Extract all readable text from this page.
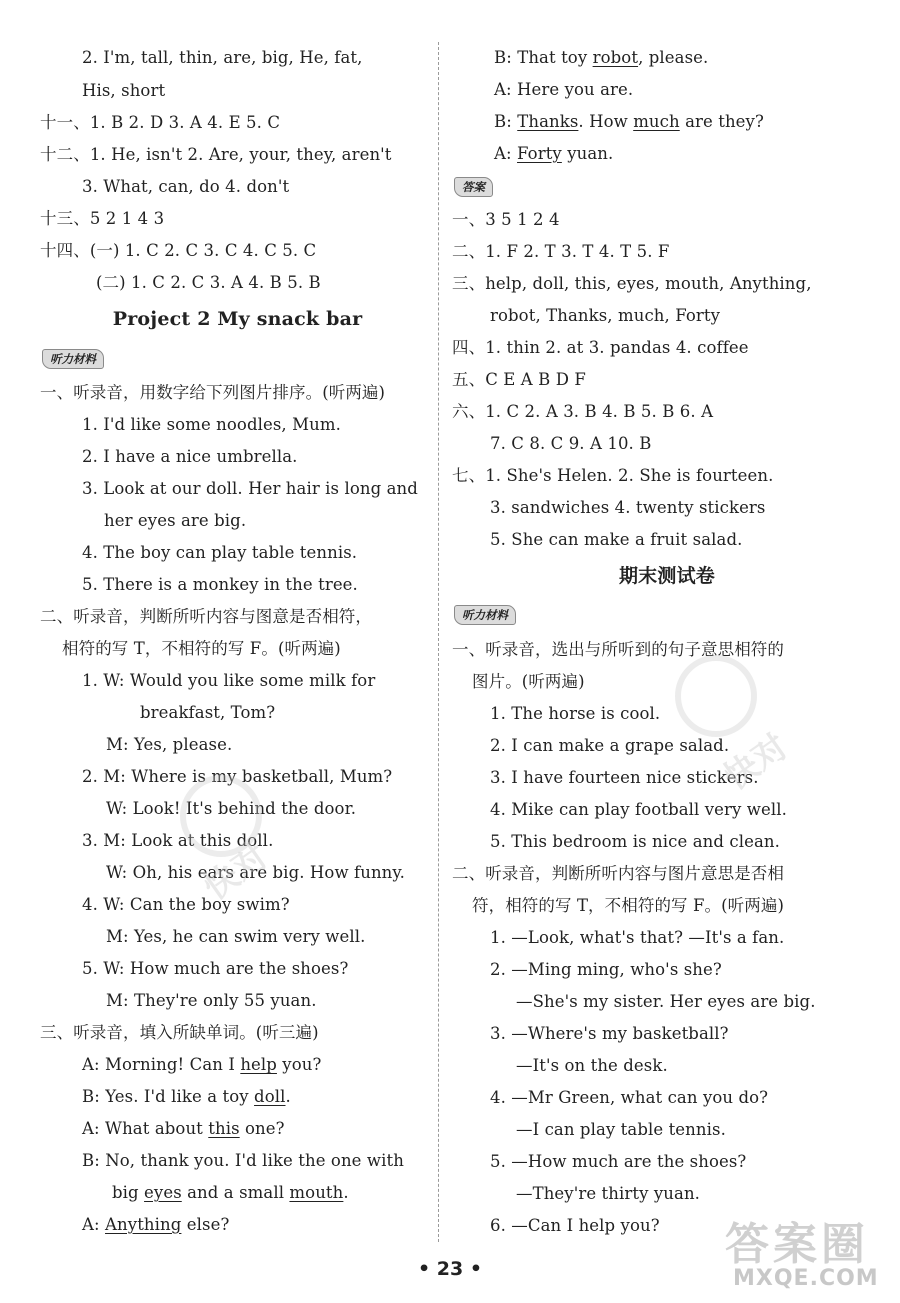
2. I'm, tall, thin, are, big, He, fat,
His, short
十一、1. B 2. D 3. A 4. E 5. C
十二、1. He, isn't 2. Are, your, they, aren't
3. What, can, do 4. don't
十三、5 2 1 4 3
十四、(一) 1. C 2. C 3. C 4. C 5. C
(二) 1. C 2. C 3. A 4. B 5. B
Project 2 My snack bar
听力材料
一、听录音，用数字给下列图片排序。(听两遍)
1. I'd like some noodles, Mum.
2. I have a nice umbrella.
3. Look at our doll. Her hair is long and
her eyes are big.
4. The boy can play table tennis.
5. There is a monkey in the tree.
二、听录音，判断所听内容与图意是否相符，
相符的写 T，不相符的写 F。(听两遍)
1. W: Would you like some milk for
breakfast, Tom?
M: Yes, please.
2. M: Where is my basketball, Mum?
W: Look! It's behind the door.
3. M: Look at this doll.
W: Oh, his ears are big. How funny.
4. W: Can the boy swim?
M: Yes, he can swim very well.
5. W: How much are the shoes?
M: They're only 55 yuan.
三、听录音，填入所缺单词。(听三遍)
A: Morning! Can I help you?
B: Yes. I'd like a toy doll.
A: What about this one?
B: No, thank you. I'd like the one with
big eyes and a small mouth.
A: Anything else?
B: That toy robot, please.
A: Here you are.
B: Thanks. How much are they?
A: Forty yuan.
答案
一、3 5 1 2 4
二、1. F 2. T 3. T 4. T 5. F
三、help, doll, this, eyes, mouth, Anything,
robot, Thanks, much, Forty
四、1. thin 2. at 3. pandas 4. coffee
五、C E A B D F
六、1. C 2. A 3. B 4. B 5. B 6. A
7. C 8. C 9. A 10. B
七、1. She's Helen. 2. She is fourteen.
3. sandwiches 4. twenty stickers
5. She can make a fruit salad.
期末测试卷
听力材料
一、听录音，选出与所听到的句子意思相符的
图片。(听两遍)
1. The horse is cool.
2. I can make a grape salad.
3. I have fourteen nice stickers.
4. Mike can play football very well.
5. This bedroom is nice and clean.
二、听录音，判断所听内容与图片意思是否相
符，相符的写 T，不相符的写 F。(听两遍)
1. —Look, what's that? —It's a fan.
2. —Ming ming, who's she?
—She's my sister. Her eyes are big.
3. —Where's my basketball?
—It's on the desk.
4. —Mr Green, what can you do?
—I can play table tennis.
5. —How much are the shoes?
—They're thirty yuan.
6. —Can I help you?
快对
快对
• 23 •	答案圈
MXQE.COM
